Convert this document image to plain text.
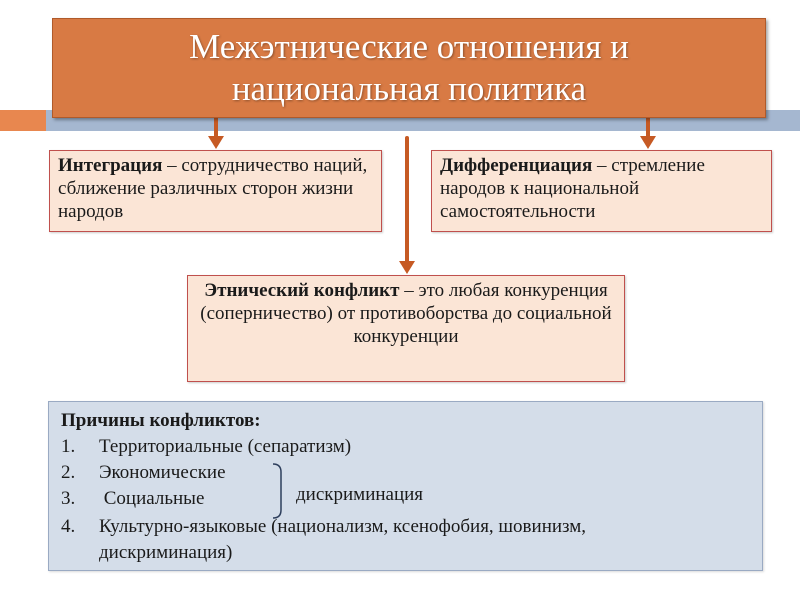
Межэтнические отношения и
национальная политика
Интеграция – сотрудничество наций, сближение различных сторон жизни народов
Дифференциация – стремление народов к национальной самостоятельности
Этнический конфликт – это любая конкуренция (соперничество) от противоборства до социальной конкуренции
Причины конфликтов:
1. Территориальные (сепаратизм)
2. Экономические
3. Социальные
4. Культурно-языковые (национализм, ксенофобия, шовинизм,
дискриминация)
дискриминация
